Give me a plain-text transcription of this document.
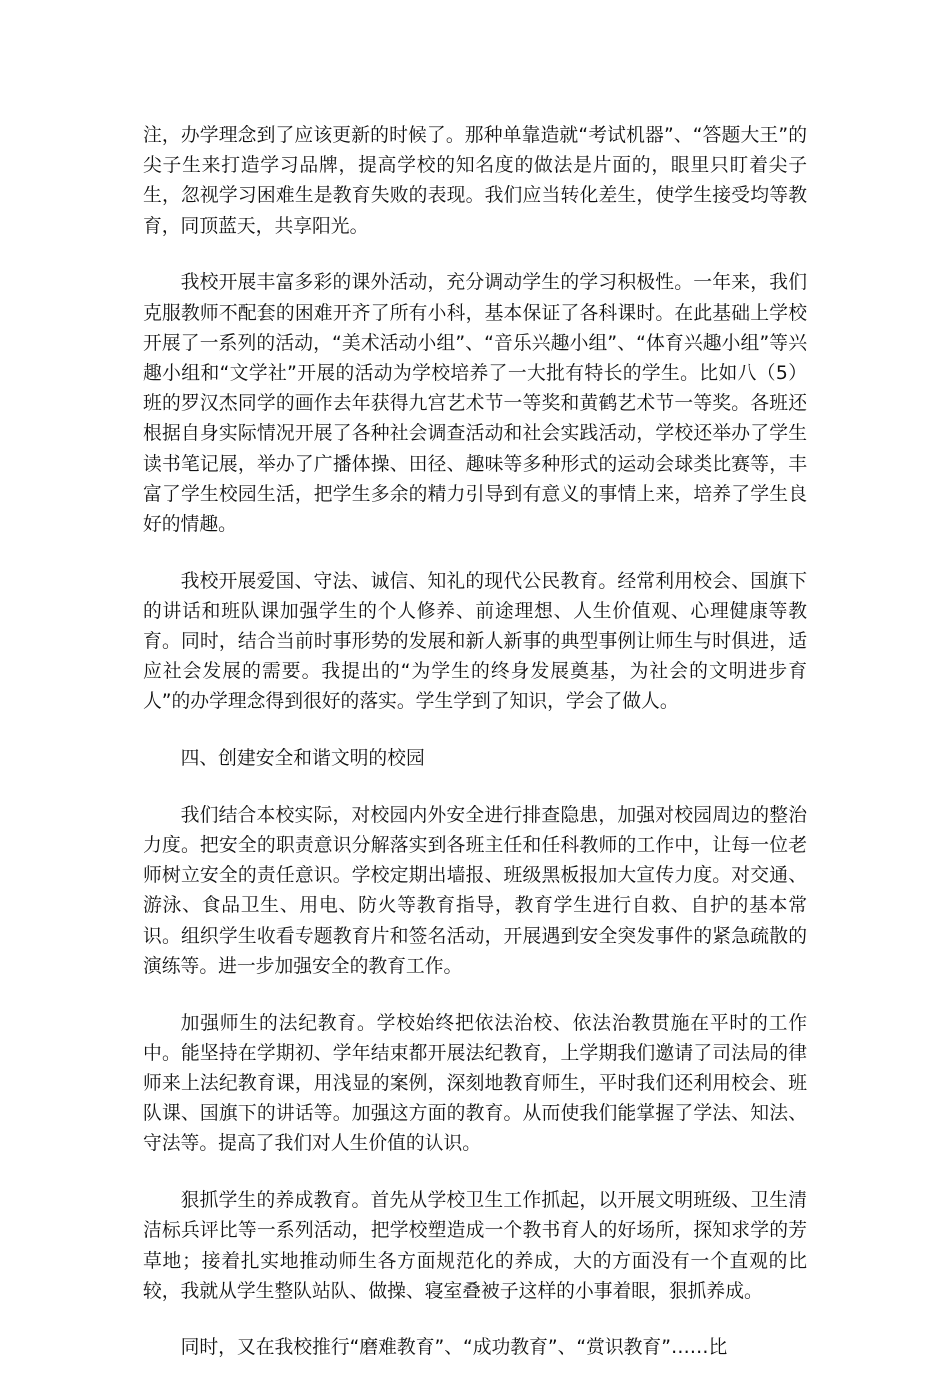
注，办学理念到了应该更新的时候了。那种单靠造就“考试机器”、“答题大王”的尖子生来打造学习品牌，提高学校的知名度的做法是片面的，眼里只盯着尖子生，忽视学习困难生是教育失败的表现。我们应当转化差生，使学生接受均等教育，同顶蓝天，共享阳光。

我校开展丰富多彩的课外活动，充分调动学生的学习积极性。一年来，我们克服教师不配套的困难开齐了所有小科，基本保证了各科课时。在此基础上学校开展了一系列的活动，“美术活动小组”、“音乐兴趣小组”、“体育兴趣小组”等兴趣小组和“文学社”开展的活动为学校培养了一大批有特长的学生。比如八（5）班的罗汉杰同学的画作去年获得九宫艺术节一等奖和黄鹤艺术节一等奖。各班还根据自身实际情况开展了各种社会调查活动和社会实践活动，学校还举办了学生读书笔记展，举办了广播体操、田径、趣味等多种形式的运动会球类比赛等，丰富了学生校园生活，把学生多余的精力引导到有意义的事情上来，培养了学生良好的情趣。

我校开展爱国、守法、诚信、知礼的现代公民教育。经常利用校会、国旗下的讲话和班队课加强学生的个人修养、前途理想、人生价值观、心理健康等教育。同时，结合当前时事形势的发展和新人新事的典型事例让师生与时俱进，适应社会发展的需要。我提出的“为学生的终身发展奠基，为社会的文明进步育人”的办学理念得到很好的落实。学生学到了知识，学会了做人。

四、创建安全和谐文明的校园

我们结合本校实际，对校园内外安全进行排查隐患，加强对校园周边的整治力度。把安全的职责意识分解落实到各班主任和任科教师的工作中，让每一位老师树立安全的责任意识。学校定期出墙报、班级黑板报加大宣传力度。对交通、游泳、食品卫生、用电、防火等教育指导，教育学生进行自救、自护的基本常识。组织学生收看专题教育片和签名活动，开展遇到安全突发事件的紧急疏散的演练等。进一步加强安全的教育工作。

加强师生的法纪教育。学校始终把依法治校、依法治教贯施在平时的工作中。能坚持在学期初、学年结束都开展法纪教育，上学期我们邀请了司法局的律师来上法纪教育课，用浅显的案例，深刻地教育师生，平时我们还利用校会、班队课、国旗下的讲话等。加强这方面的教育。从而使我们能掌握了学法、知法、守法等。提高了我们对人生价值的认识。

狠抓学生的养成教育。首先从学校卫生工作抓起，以开展文明班级、卫生清洁标兵评比等一系列活动，把学校塑造成一个教书育人的好场所，探知求学的芳草地；接着扎实地推动师生各方面规范化的养成，大的方面没有一个直观的比较，我就从学生整队站队、做操、寝室叠被子这样的小事着眼，狠抓养成。

同时，又在我校推行“磨难教育”、“成功教育”、“赏识教育”……比
